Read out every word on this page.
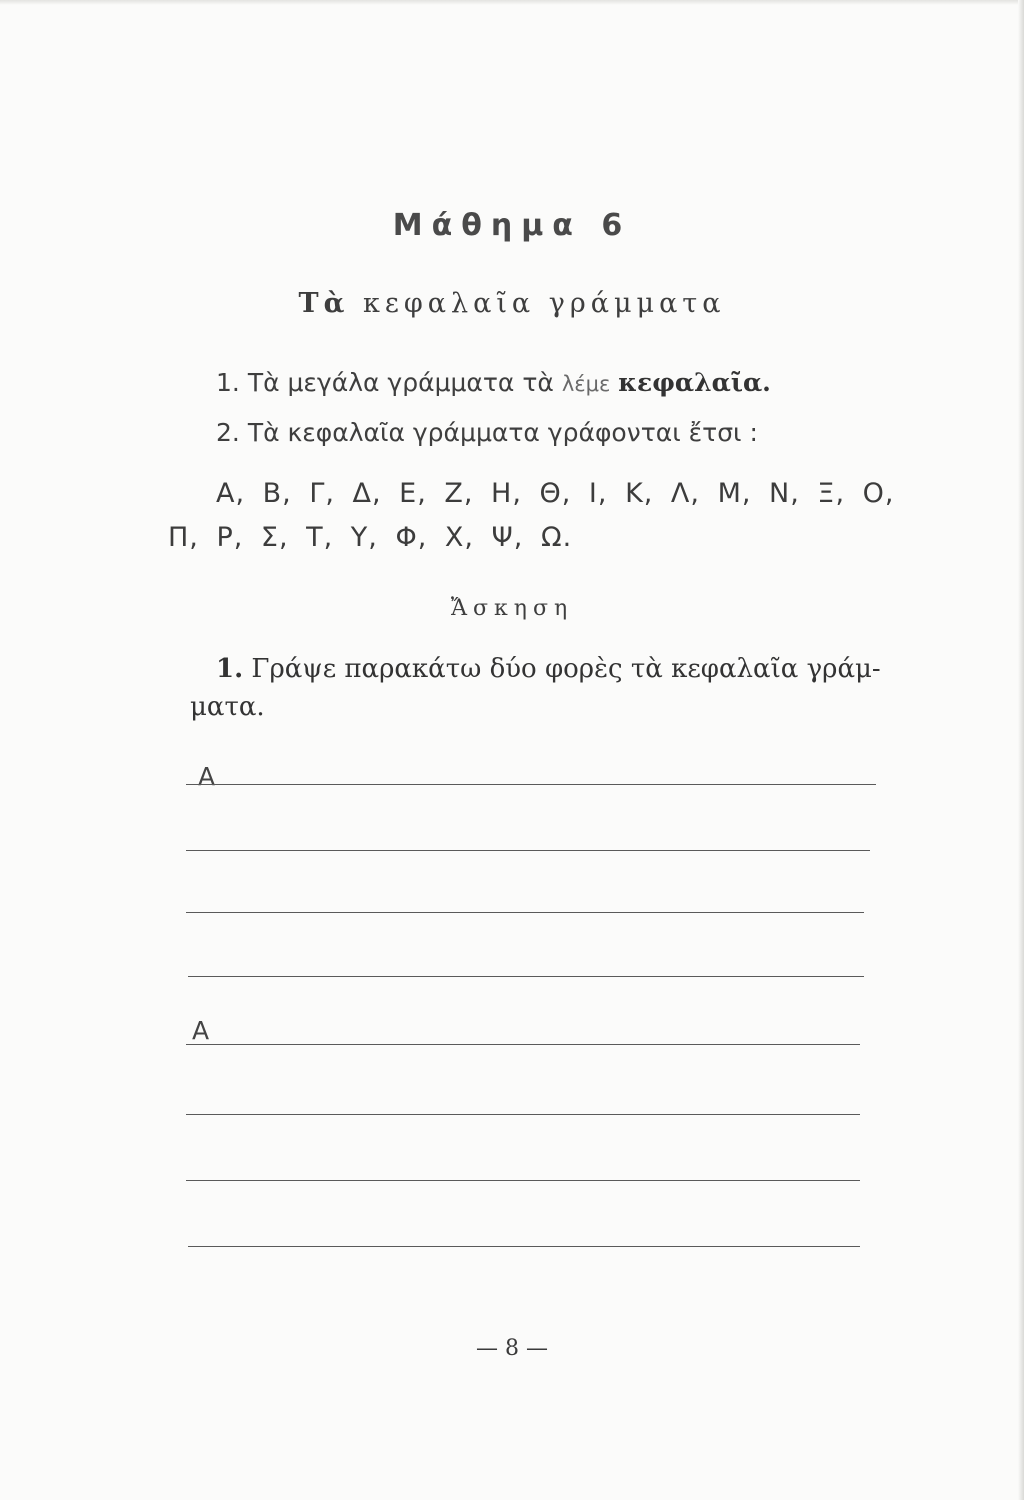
Μάθημα 6
Τὰ κεφαλαῖα γράμματα
1. Τὰ μεγάλα γράμματα τὰ λέμε κεφαλαῖα.
2. Τὰ κεφαλαῖα γράμματα γράφονται ἔτσι :
Α, Β, Γ, Δ, Ε, Ζ, Η, Θ, Ι, Κ, Λ, Μ, Ν, Ξ, Ο,
Π, Ρ, Σ, Τ, Υ, Φ, Χ, Ψ, Ω.
Ἄσκηση
1. Γράψε παρακάτω δύο φορὲς τὰ κεφαλαῖα γράμ-
ματα.
Α
Α
— 8 —
